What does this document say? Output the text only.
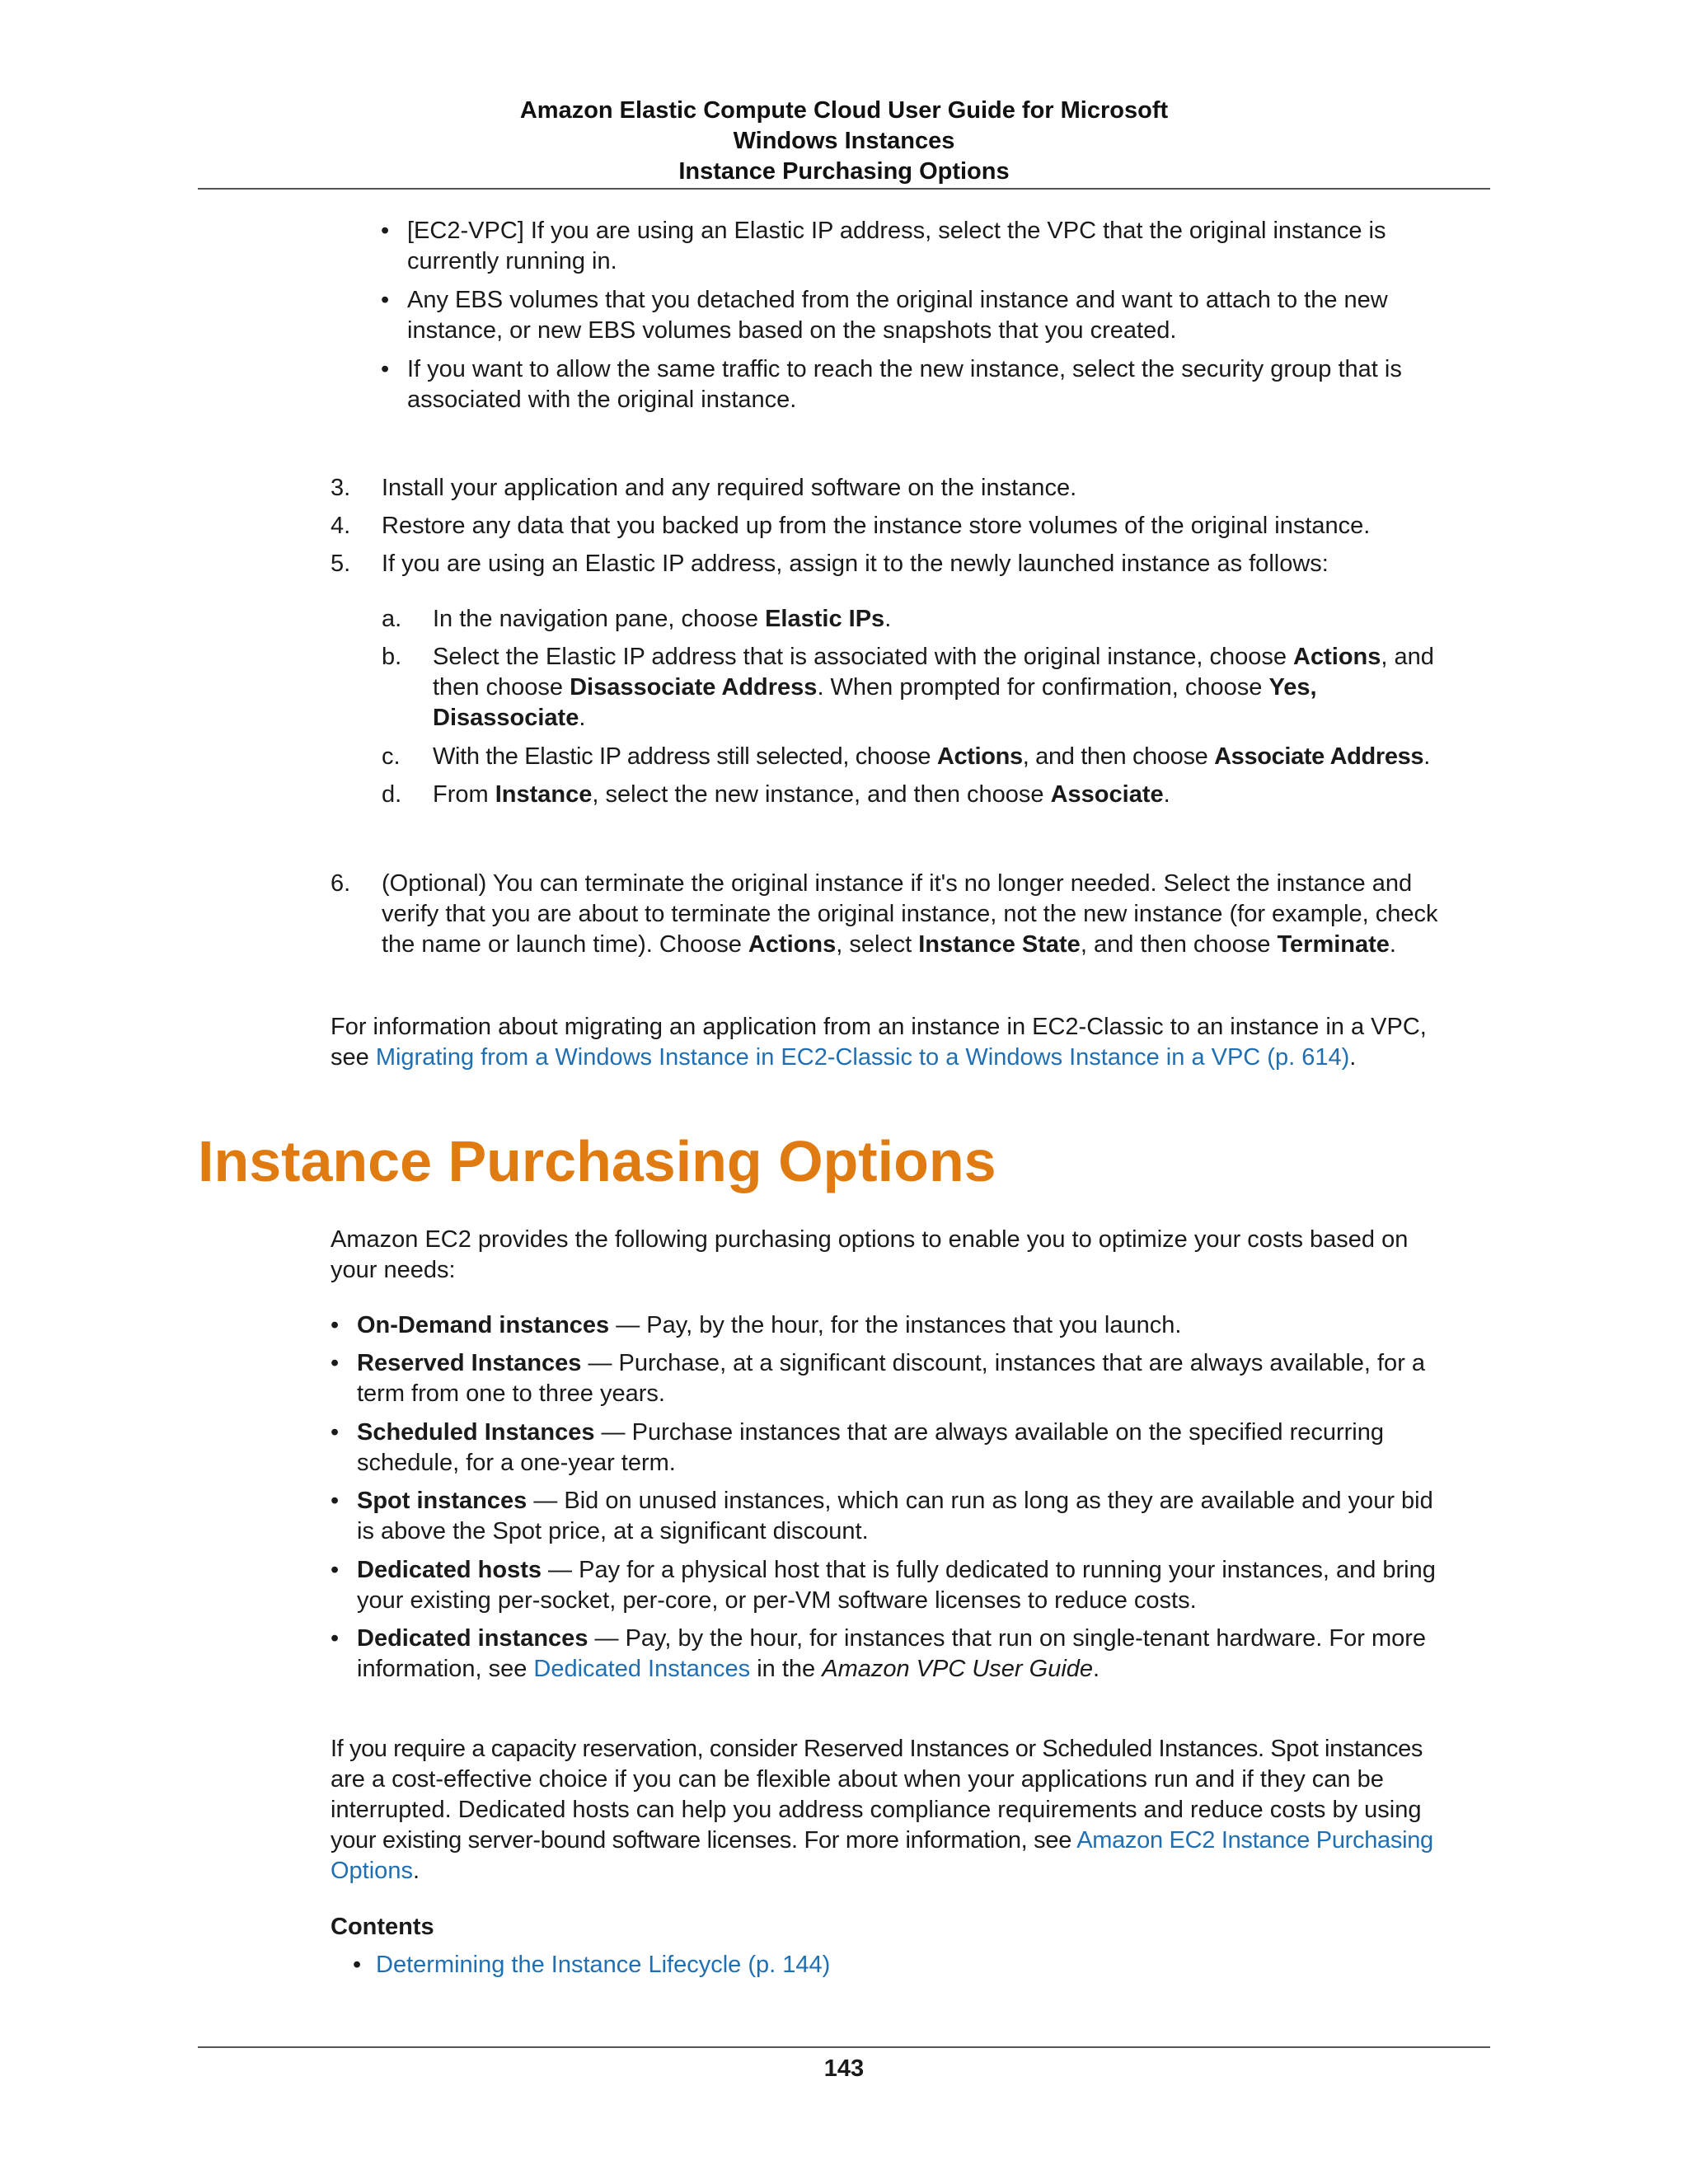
Amazon Elastic Compute Cloud User Guide for Microsoft
Windows Instances
Instance Purchasing Options
• [EC2-VPC] If you are using an Elastic IP address, select the VPC that the original instance is
currently running in.
• Any EBS volumes that you detached from the original instance and want to attach to the new
instance, or new EBS volumes based on the snapshots that you created.
• If you want to allow the same traffic to reach the new instance, select the security group that is
associated with the original instance.
3. Install your application and any required software on the instance.
4. Restore any data that you backed up from the instance store volumes of the original instance.
5. If you are using an Elastic IP address, assign it to the newly launched instance as follows:
a. In the navigation pane, choose Elastic IPs.
b. Select the Elastic IP address that is associated with the original instance, choose Actions, and
then choose Disassociate Address. When prompted for confirmation, choose Yes,
Disassociate.
c. With the Elastic IP address still selected, choose Actions, and then choose Associate Address.
d. From Instance, select the new instance, and then choose Associate.
6. (Optional) You can terminate the original instance if it's no longer needed. Select the instance and
verify that you are about to terminate the original instance, not the new instance (for example, check
the name or launch time). Choose Actions, select Instance State, and then choose Terminate.
For information about migrating an application from an instance in EC2-Classic to an instance in a VPC,
see Migrating from a Windows Instance in EC2-Classic to a Windows Instance in a VPC (p. 614).
Instance Purchasing Options
Amazon EC2 provides the following purchasing options to enable you to optimize your costs based on
your needs:
• On-Demand instances — Pay, by the hour, for the instances that you launch.
• Reserved Instances — Purchase, at a significant discount, instances that are always available, for a
term from one to three years.
• Scheduled Instances — Purchase instances that are always available on the specified recurring
schedule, for a one-year term.
• Spot instances — Bid on unused instances, which can run as long as they are available and your bid
is above the Spot price, at a significant discount.
• Dedicated hosts — Pay for a physical host that is fully dedicated to running your instances, and bring
your existing per-socket, per-core, or per-VM software licenses to reduce costs.
• Dedicated instances — Pay, by the hour, for instances that run on single-tenant hardware. For more
information, see Dedicated Instances in the Amazon VPC User Guide.
If you require a capacity reservation, consider Reserved Instances or Scheduled Instances. Spot instances
are a cost-effective choice if you can be flexible about when your applications run and if they can be
interrupted. Dedicated hosts can help you address compliance requirements and reduce costs by using
your existing server-bound software licenses. For more information, see Amazon EC2 Instance Purchasing
Options.
Contents
• Determining the Instance Lifecycle (p. 144)
143
